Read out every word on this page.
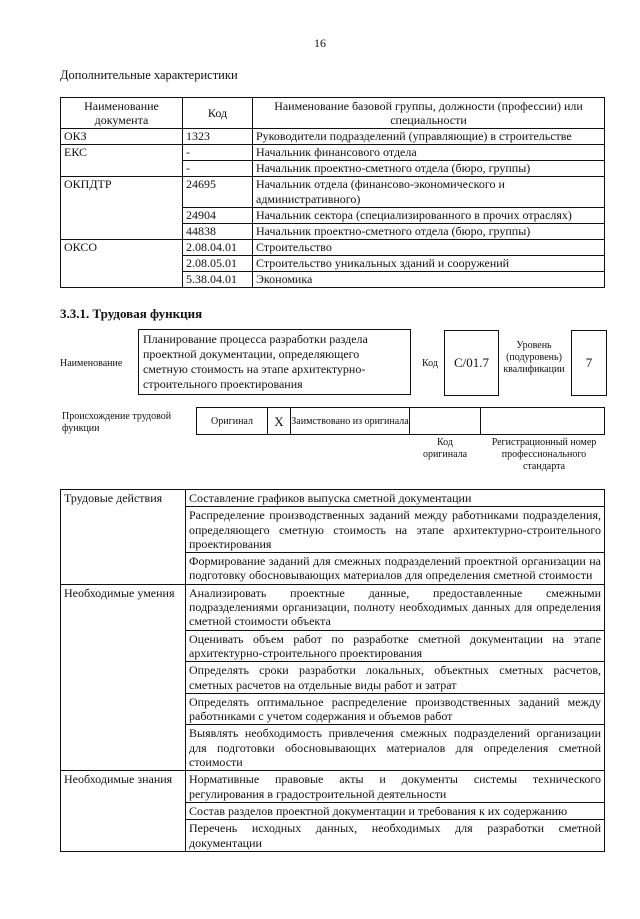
16
Дополнительные характеристики
Наименование документа	Код	Наименование базовой группы, должности (профессии) или специальности
ОКЗ	1323	Руководители подразделений (управляющие) в строительстве
ЕКС	-	Начальник финансового отдела
	-	Начальник проектно-сметного отдела (бюро, группы)
ОКПДТР	24695	Начальник отдела (финансово-экономического и административного)
	24904	Начальник сектора (специализированного в прочих отраслях)
	44838	Начальник проектно-сметного отдела (бюро, группы)
ОКСО	2.08.04.01	Строительство
	2.08.05.01	Строительство уникальных зданий и сооружений
	5.38.04.01	Экономика
3.3.1. Трудовая функция
Наименование
Планирование процесса разработки раздела проектной документации, определяющего сметную стоимость на этапе архитектурно-строительного проектирования
Код	С/01.7
Уровень (подуровень) квалификации	7
Происхождение трудовой функции
Оригинал	X Заимствовано из оригинала
Код оригинала
Регистрационный номер профессионального стандарта
Трудовые действия	Составление графиков выпуска сметной документации
	Распределение производственных заданий между работниками подразделения, определяющего сметную стоимость на этапе архитектурно-строительного проектирования
	Формирование заданий для смежных подразделений проектной организации на подготовку обосновывающих материалов для определения сметной стоимости
Необходимые умения	Анализировать проектные данные, предоставленные смежными подразделениями организации, полноту необходимых данных для определения сметной стоимости объекта
	Оценивать объем работ по разработке сметной документации на этапе архитектурно-строительного проектирования
	Определять сроки разработки локальных, объектных сметных расчетов, сметных расчетов на отдельные виды работ и затрат
	Определять оптимальное распределение производственных заданий между работниками с учетом содержания и объемов работ
	Выявлять необходимость привлечения смежных подразделений организации для подготовки обосновывающих материалов для определения сметной стоимости
Необходимые знания	Нормативные правовые акты и документы системы технического регулирования в градостроительной деятельности
	Состав разделов проектной документации и требования к их содержанию
	Перечень исходных данных, необходимых для разработки сметной документации
